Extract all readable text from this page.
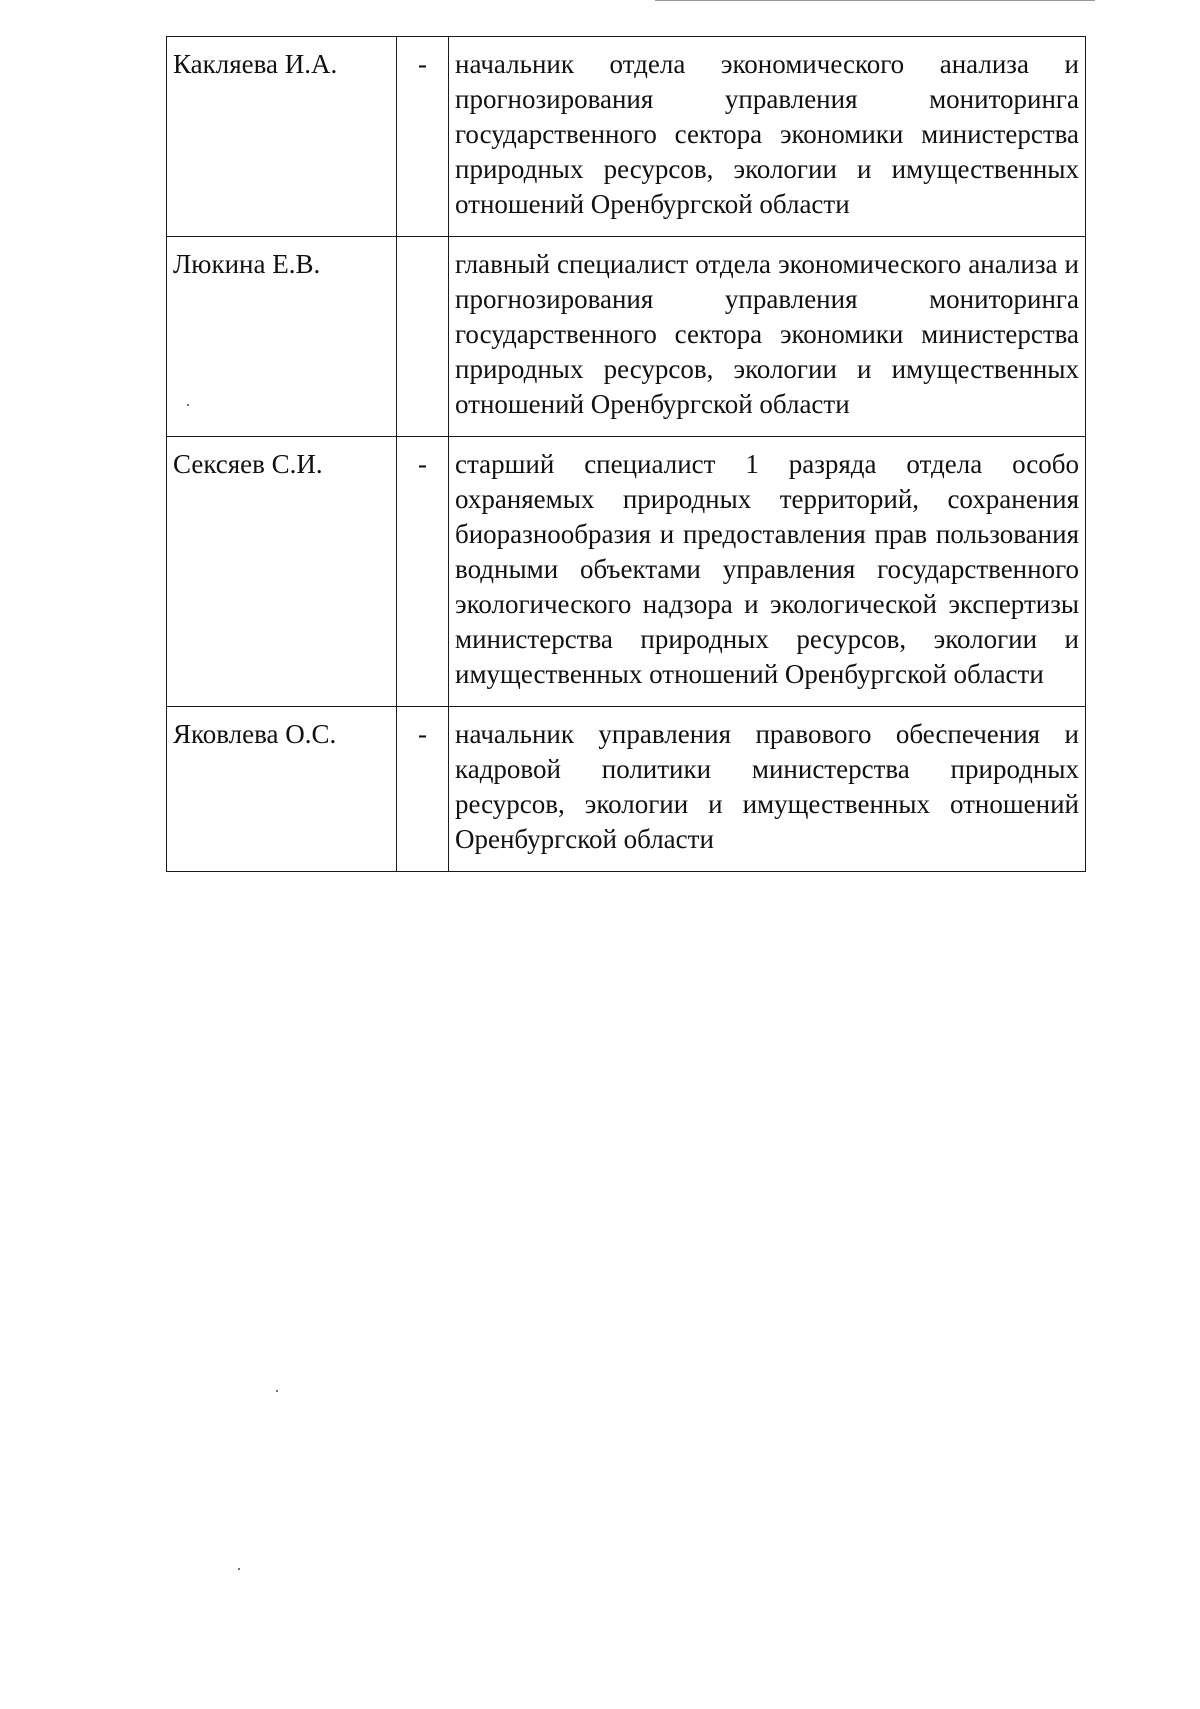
Какляева И.А.	-	начальник отдела экономического анализа и прогнозирования управления мониторинга государственного сектора экономики министерства природных ресурсов, экологии и имущественных отношений Оренбургской области
Люкина Е.В.		главный специалист отдела экономического анализа и прогнозирования управления мониторинга государственного сектора экономики министерства природных ресурсов, экологии и имущественных отношений Оренбургской области
Сексяев С.И.	-	старший специалист 1 разряда отдела особо охраняемых природных территорий, сохранения биоразнообразия и предоставления прав пользования водными объектами управления государственного экологического надзора и экологической экспертизы министерства природных ресурсов, экологии и имущественных отношений Оренбургской области
Яковлева О.С.	-	начальник управления правового обеспечения и кадровой политики министерства природных ресурсов, экологии и имущественных отношений Оренбургской области
